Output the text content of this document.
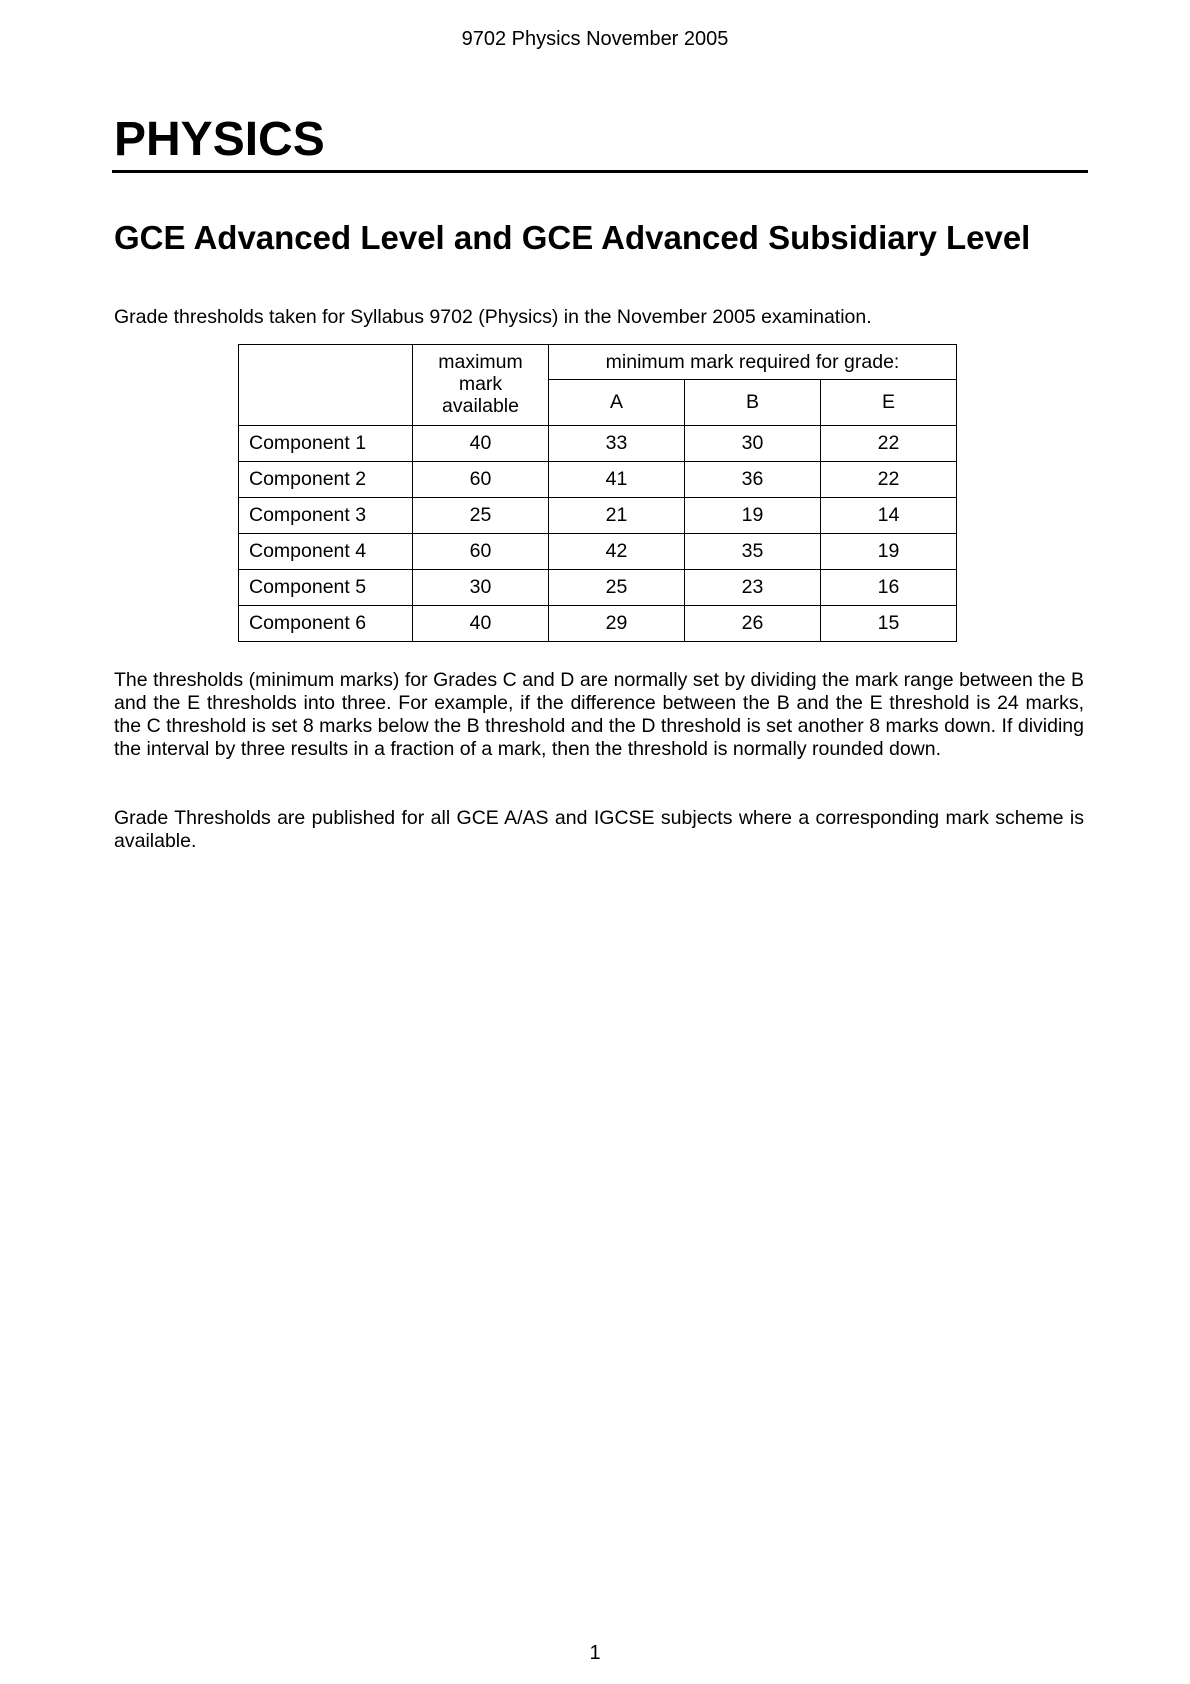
9702 Physics November 2005
PHYSICS
GCE Advanced Level and GCE Advanced Subsidiary Level

Grade thresholds taken for Syllabus 9702 (Physics) in the November 2005 examination.

	maximum
mark
available	minimum mark required for grade:		
		A	B	E
Component 1	40	33	30	22
Component 2	60	41	36	22
Component 3	25	21	19	14
Component 4	60	42	35	19
Component 5	30	25	23	16
Component 6	40	29	26	15

The thresholds (minimum marks) for Grades C and D are normally set by dividing the mark range between the B and the E thresholds into three. For example, if the difference between the B and the E threshold is 24 marks, the C threshold is set 8 marks below the B threshold and the D threshold is set another 8 marks down. If dividing the interval by three results in a fraction of a mark, then the threshold is normally rounded down.

Grade Thresholds are published for all GCE A/AS and IGCSE subjects where a corresponding mark scheme is available.

1
